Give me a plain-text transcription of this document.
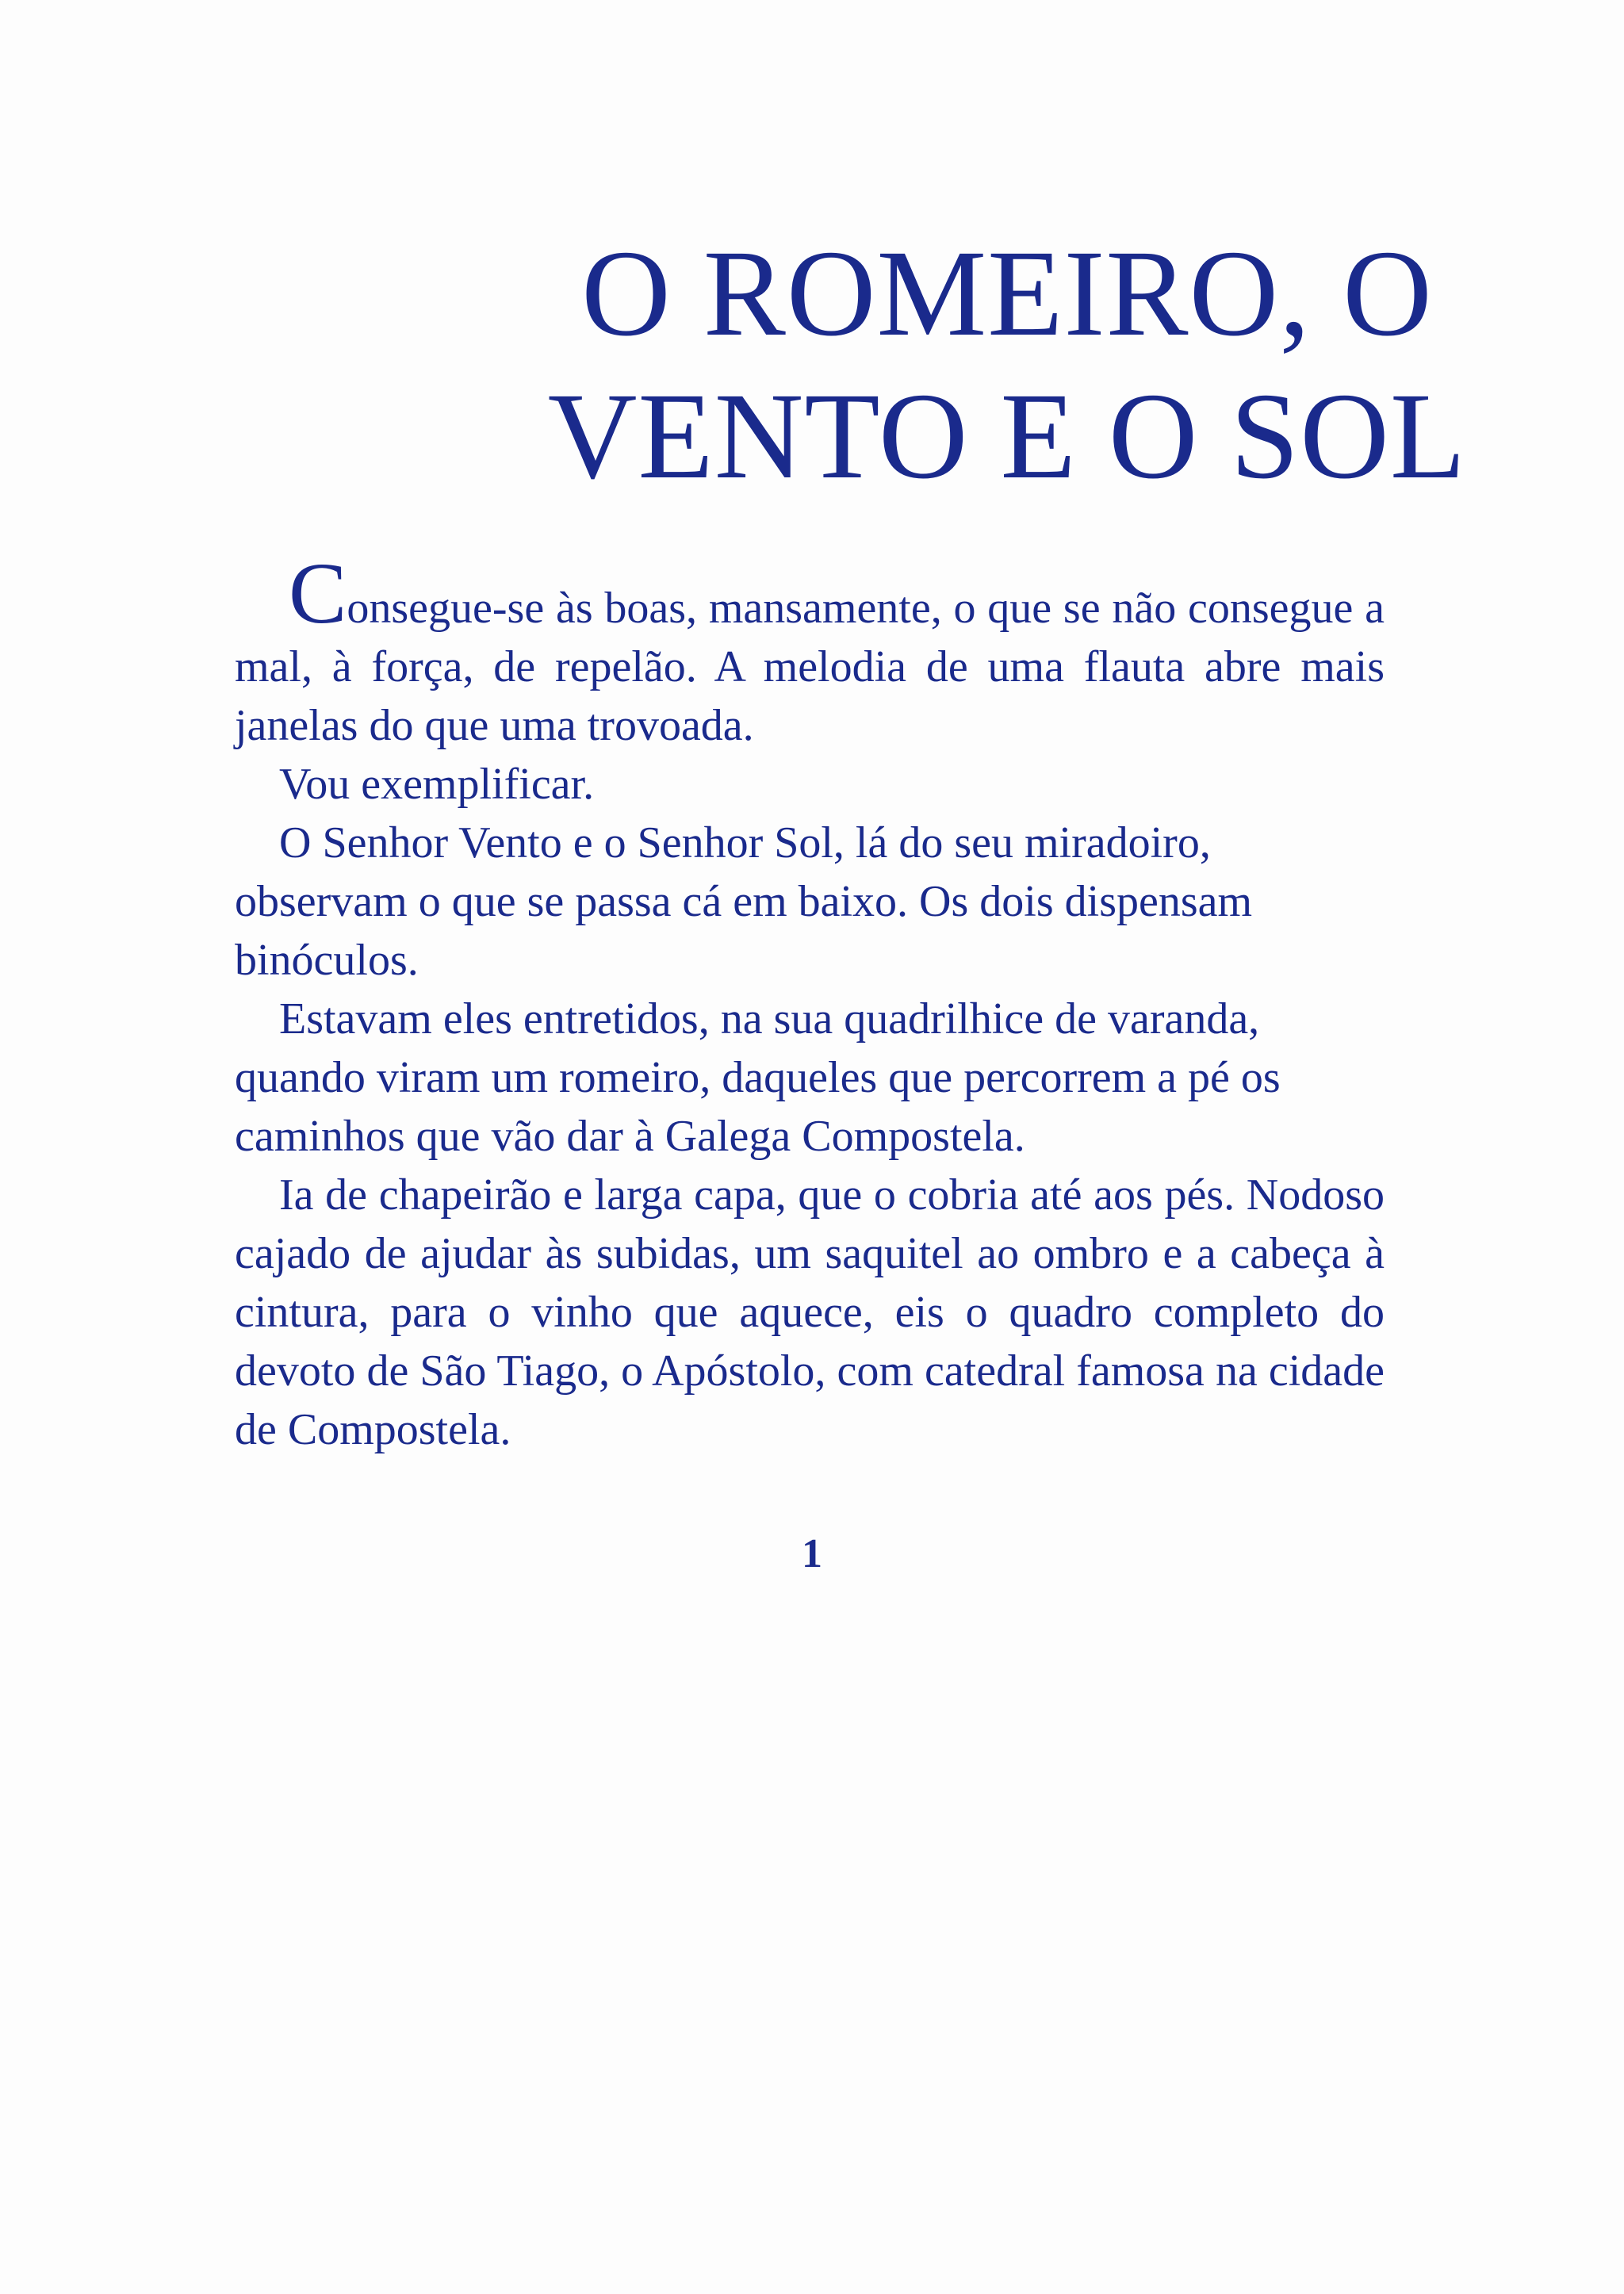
O ROMEIRO, O
VENTO E O SOL

Consegue-se às boas, mansamente, o que se não consegue a mal, à força, de repelão. A melodia de uma flauta abre mais janelas do que uma trovoada.

Vou exemplificar.

O Senhor Vento e o Senhor Sol, lá do seu miradoiro, observam o que se passa cá em baixo. Os dois dispensam binóculos.

Estavam eles entretidos, na sua quadrilhice de varanda, quando viram um romeiro, daqueles que percorrem a pé os caminhos que vão dar à Galega Compostela.

Ia de chapeirão e larga capa, que o cobria até aos pés. Nodoso cajado de ajudar às subidas, um saquitel ao ombro e a cabeça à cintura, para o vinho que aquece, eis o quadro completo do devoto de São Tiago, o Apóstolo, com catedral famosa na cidade de Compostela.

1
